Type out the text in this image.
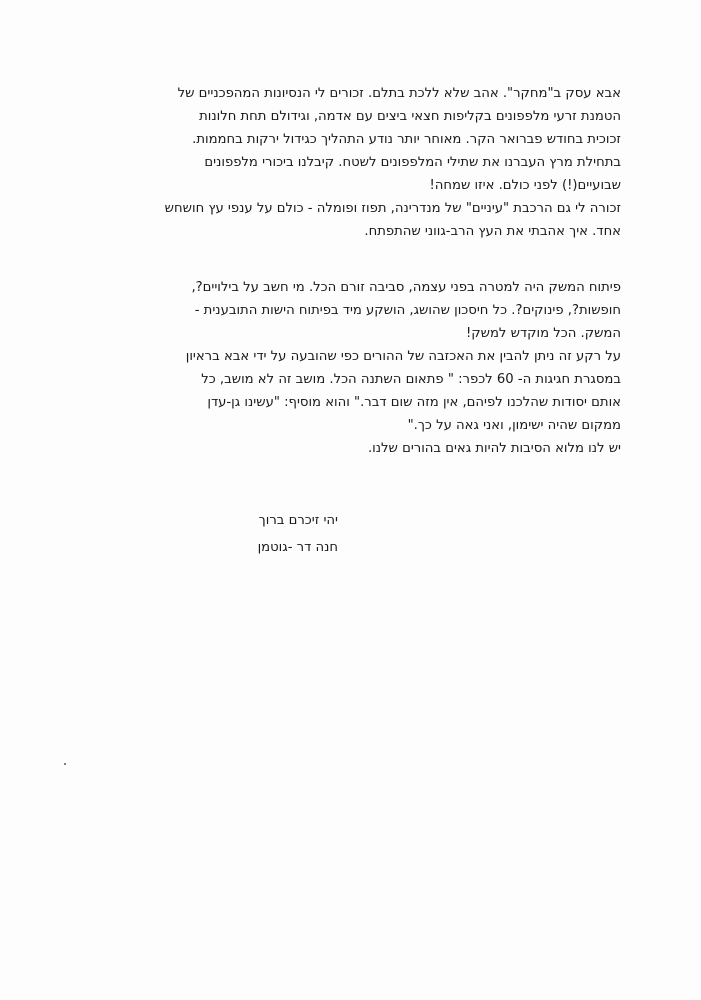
אבא עסק ב"מחקר". אהב שלא ללכת בתלם. זכורים לי הנסיונות המהפכניים של
הטמנת זרעי מלפפונים בקליפות חצאי ביצים עם אדמה, וגידולם תחת חלונות
זכוכית בחודש פברואר הקר. מאוחר יותר נודע התהליך כגידול ירקות בחממות.
בתחילת מרץ העברנו את שתילי המלפפונים לשטח. קיבלנו ביכורי מלפפונים
שבועיים(!) לפני כולם. איזו שמחה!
זכורה לי גם הרכבת "עיניים" של מנדרינה, תפוז ופומלה - כולם על ענפי עץ חושחש
אחד. איך אהבתי את העץ הרב-גווני שהתפתח.
פיתוח המשק היה למטרה בפני עצמה, סביבה זורם הכל. מי חשב על בילויים?,
חופשות?, פינוקים?. כל חיסכון שהושג, הושקע מיד בפיתוח הישות התובענית -
המשק. הכל מוקדש למשק!
על רקע זה ניתן להבין את האכזבה של ההורים כפי שהובעה על ידי אבא בראיון
במסגרת חגיגות ה- 60 לכפר: " פתאום השתנה הכל. מושב זה לא מושב, כל
אותם יסודות שהלכנו לפיהם, אין מזה שום דבר." והוא מוסיף: "עשינו גן-עדן
ממקום שהיה ישימון, ואני גאה על כך."
יש לנו מלוא הסיבות להיות גאים בהורים שלנו.
יהי זיכרם ברוך
חנה דר -גוטמן
